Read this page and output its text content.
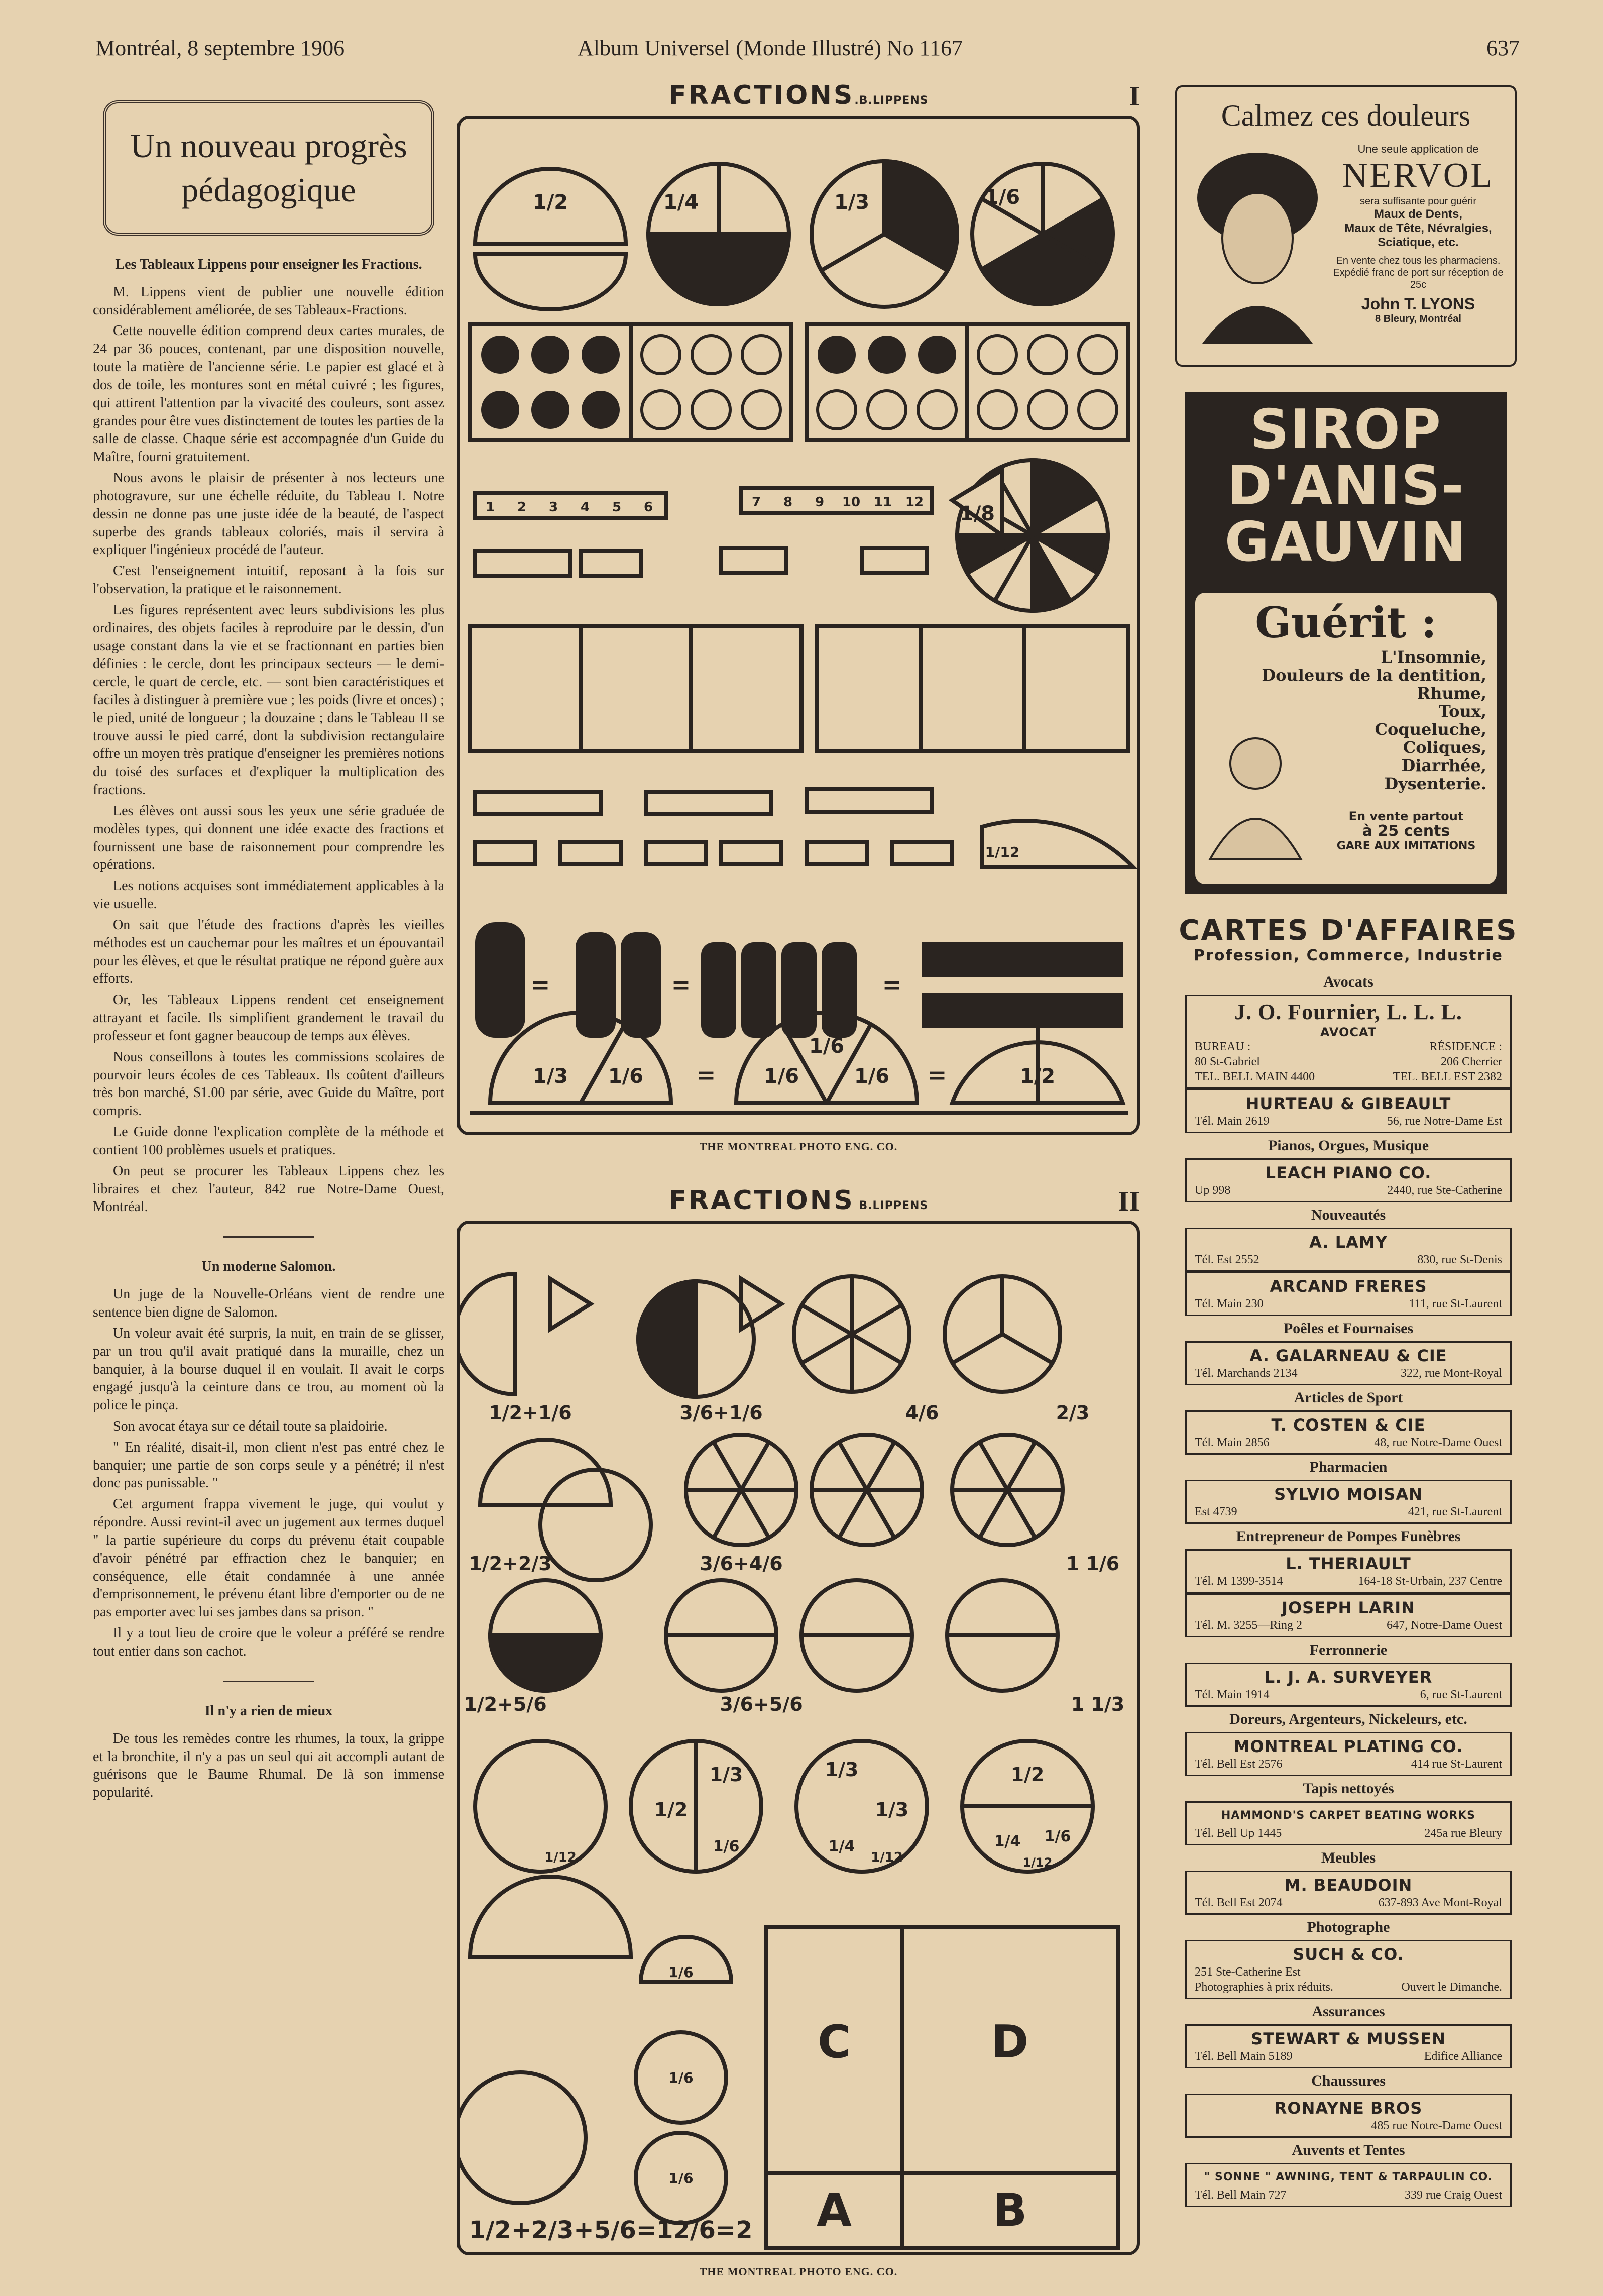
Montréal, 8 septembre 1906	Album Universel (Monde Illustré) No 1167	637
Un nouveau progrès
pédagogique
Les Tableaux Lippens pour enseigner les Fractions.

M. Lippens vient de publier une nouvelle édition considérablement améliorée, de ses Tableaux-Fractions.

Cette nouvelle édition comprend deux cartes murales, de 24 par 36 pouces, contenant, par une disposition nouvelle, toute la matière de l'ancienne série. Le papier est glacé et à dos de toile, les montures sont en métal cuivré ; les figures, qui attirent l'attention par la vivacité des couleurs, sont assez grandes pour être vues distinctement de toutes les parties de la salle de classe. Chaque série est accompagnée d'un Guide du Maître, fourni gratuitement.

Nous avons le plaisir de présenter à nos lecteurs une photogravure, sur une échelle réduite, du Tableau I. Notre dessin ne donne pas une juste idée de la beauté, de l'aspect superbe des grands tableaux coloriés, mais il servira à expliquer l'ingénieux procédé de l'auteur.

C'est l'enseignement intuitif, reposant à la fois sur l'observation, la pratique et le raisonnement.

Les figures représentent avec leurs subdivisions les plus ordinaires, des objets faciles à reproduire par le dessin, d'un usage constant dans la vie et se fractionnant en parties bien définies : le cercle, dont les principaux secteurs — le demi-cercle, le quart de cercle, etc. — sont bien caractéristiques et faciles à distinguer à première vue ; les poids (livre et onces) ; le pied, unité de longueur ; la douzaine ; dans le Tableau II se trouve aussi le pied carré, dont la subdivision rectangulaire offre un moyen très pratique d'enseigner les premières notions du toisé des surfaces et d'expliquer la multiplication des fractions.

Les élèves ont aussi sous les yeux une série graduée de modèles types, qui donnent une idée exacte des fractions et fournissent une base de raisonnement pour comprendre les opérations.

Les notions acquises sont immédiatement applicables à la vie usuelle.

On sait que l'étude des fractions d'après les vieilles méthodes est un cauchemar pour les maîtres et un épouvantail pour les élèves, et que le résultat pratique ne répond guère aux efforts.

Or, les Tableaux Lippens rendent cet enseignement attrayant et facile. Ils simplifient grandement le travail du professeur et font gagner beaucoup de temps aux élèves.

Nous conseillons à toutes les commissions scolaires de pourvoir leurs écoles de ces Tableaux. Ils coûtent d'ailleurs très bon marché, $1.00 par série, avec Guide du Maître, port compris.

Le Guide donne l'explication complète de la méthode et contient 100 problèmes usuels et pratiques.

On peut se procurer les Tableaux Lippens chez les libraires et chez l'auteur, 842 rue Notre-Dame Ouest, Montréal.

Un moderne Salomon.

Un juge de la Nouvelle-Orléans vient de rendre une sentence bien digne de Salomon.

Un voleur avait été surpris, la nuit, en train de se glisser, par un trou qu'il avait pratiqué dans la muraille, chez un banquier, à la bourse duquel il en voulait. Il avait le corps engagé jusqu'à la ceinture dans ce trou, au moment où la police le pinça.

Son avocat étaya sur ce détail toute sa plaidoirie.

" En réalité, disait-il, mon client n'est pas entré chez le banquier; une partie de son corps seule y a pénétré; il n'est donc pas punissable. "

Cet argument frappa vivement le juge, qui voulut y répondre. Aussi revint-il avec un jugement aux termes duquel " la partie supérieure du corps du prévenu était coupable d'avoir pénétré par effraction chez le banquier; en conséquence, elle était condamnée à une année d'emprisonnement, le prévenu étant libre d'emporter ou de ne pas emporter avec lui ses jambes dans sa prison. "

Il y a tout lieu de croire que le voleur a préféré se rendre tout entier dans son cachot.

Il n'y a rien de mieux

De tous les remèdes contre les rhumes, la toux, la grippe et la bronchite, il n'y a pas un seul qui ait accompli autant de guérisons que le Baume Rhumal. De là son immense popularité.

FRACTIONS.B.LIPPENS	I
=	=	=
=	=
1/2	1/4	1/3	1/6
1/8
1/12
1/3 1/6	1/6
1/6
1/6	1/2
1 2 3 4 5 6	7 8 9 10 11 12
THE MONTREAL PHOTO ENG. CO.
FRACTIONS B.LIPPENS	II
C	D
A	B
1/2+1/6	3/6+1/6	4/6	2/3
1/2+2/3	3/6+4/6	1 1/6
1/2+5/6	3/6+5/6	1 1/3
1/12
1/2
1/3
1/6
1/3
1/3
1/4
1/12
1/2
1/4 1/6
1/12
1/6
1/6
1/6
1/2+2/3+5/6=12/6=2
THE MONTREAL PHOTO ENG. CO.
Calmez ces douleurs
Une seule application de
NERVOL
sera suffisante pour guérir
Maux de Dents,
Maux de Tête, Névralgies,
Sciatique, etc.
En vente chez tous les pharmaciens. Expédié franc de port sur réception de 25c
John T. LYONS
8 Bleury, Montréal
SIROP
D'ANIS-
GAUVIN
Guérit :
L'Insomnie,
Douleurs de la dentition,
Rhume,
Toux,
Coqueluche,
Coliques,
Diarrhée,
Dysenterie.
En vente partout
à 25 cents
GARE AUX IMITATIONS
CARTES D'AFFAIRES
Profession, Commerce, Industrie
Avocats
J. O. Fournier, L. L. L.
AVOCAT
BUREAU :	RÉSIDENCE :
80 St-Gabriel	206 Cherrier
TEL. BELL MAIN 4400	TEL. BELL EST 2382
HURTEAU & GIBEAULT
Tél. Main 2619	56, rue Notre-Dame Est
Pianos, Orgues, Musique
LEACH PIANO CO.
Up 998	2440, rue Ste-Catherine
Nouveautés
A. LAMY
Tél. Est 2552	830, rue St-Denis
ARCAND FRERES
Tél. Main 230	111, rue St-Laurent
Poêles et Fournaises
A. GALARNEAU & CIE
Tél. Marchands 2134	322, rue Mont-Royal
Articles de Sport
T. COSTEN & CIE
Tél. Main 2856	48, rue Notre-Dame Ouest
Pharmacien
SYLVIO MOISAN
Est 4739	421, rue St-Laurent
Entrepreneur de Pompes Funèbres
L. THERIAULT
Tél. M 1399-3514	164-18 St-Urbain, 237 Centre
JOSEPH LARIN
Tél. M. 3255—Ring 2	647, Notre-Dame Ouest
Ferronnerie
L. J. A. SURVEYER
Tél. Main 1914	6, rue St-Laurent
Doreurs, Argenteurs, Nickeleurs, etc.
MONTREAL PLATING CO.
Tél. Bell Est 2576	414 rue St-Laurent
Tapis nettoyés
HAMMOND'S CARPET BEATING WORKS
Tél. Bell Up 1445	245a rue Bleury
Meubles
M. BEAUDOIN
Tél. Bell Est 2074	637-893 Ave Mont-Royal
Photographe
SUCH & CO.
251 Ste-Catherine Est
Photographies à prix réduits.	Ouvert le Dimanche.
Assurances
STEWART & MUSSEN
Tél. Bell Main 5189	Edifice Alliance
Chaussures
RONAYNE BROS
485 rue Notre-Dame Ouest
Auvents et Tentes
" SONNE " AWNING, TENT & TARPAULIN CO.
Tél. Bell Main 727	339 rue Craig Ouest
